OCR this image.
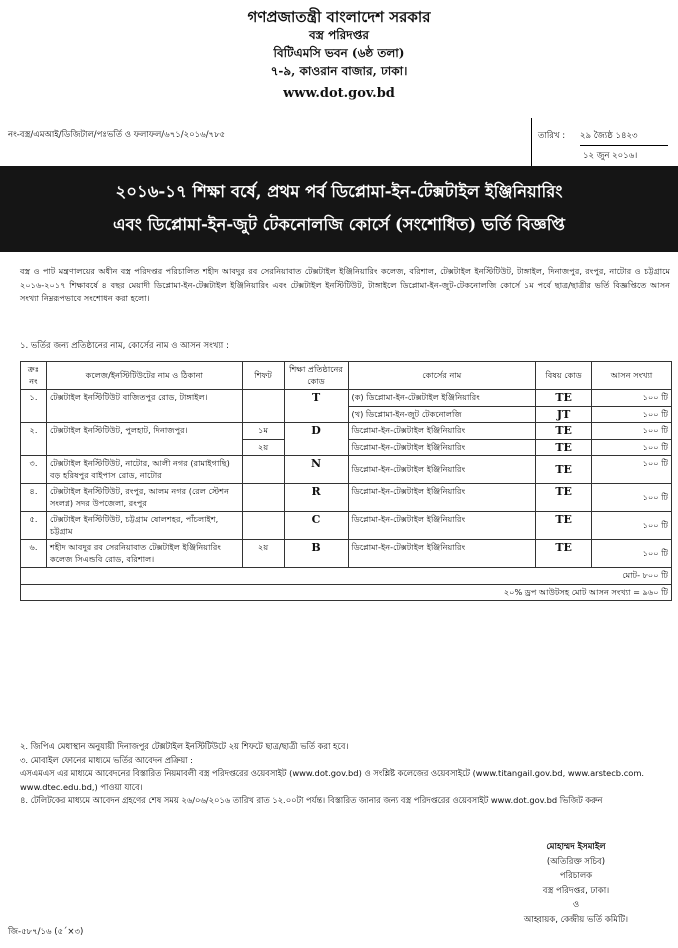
গণপ্রজাতন্ত্রী বাংলাদেশ সরকার
বস্ত্র পরিদপ্তর
বিটিএমসি ভবন (৬ষ্ঠ তলা)
৭-৯, কাওরান বাজার, ঢাকা।
www.dot.gov.bd
নং-বস্ত্র/এমআই/ডিজিটাল/পঃভর্তি ও ফলাফল/৬৭১/২০১৬/৭৮৫	তারিখ : ২৯ জ্যৈষ্ঠ ১৪২৩
১২ জুন ২০১৬।
২০১৬-১৭ শিক্ষা বর্ষে, প্রথম পর্ব ডিপ্লোমা-ইন-টেক্সটাইল ইঞ্জিনিয়ারিং
এবং ডিপ্লোমা-ইন-জুট টেকনোলজি কোর্সে (সংশোধিত) ভর্তি বিজ্ঞপ্তি
বস্ত্র ও পাট মন্ত্রণালয়ের অধীন বস্ত্র পরিদপ্তর পরিচালিত শহীদ আবদুর রব সেরনিয়াবাত টেক্সটাইল ইঞ্জিনিয়ারিং কলেজ, বরিশাল, টেক্সটাইল ইনস্টিটিউট, টাঙ্গাইল, দিনাজপুর, রংপুর, নাটোর ও চট্টগ্রামে ২০১৬-২০১৭ শিক্ষাবর্ষে ৪ বছর মেয়াদী ডিপ্লোমা-ইন-টেক্সটাইল ইঞ্জিনিয়ারিং এবং টেক্সটাইল ইনস্টিটিউট, টাঙ্গাইলে ডিপ্লোমা-ইন-জুট-টেকনোলজি কোর্সে ১ম পর্বে ছাত্র/ছাত্রীর ভর্তি বিজ্ঞপ্তিতে আসন সংখ্যা নিম্নরূপভাবে সংশোধন করা হলো।
১. ভর্তির জন্য প্রতিষ্ঠানের নাম, কোর্সের নাম ও আসন সংখ্যা :
ক্রঃ নং	কলেজ/ইনস্টিটিউটের নাম ও ঠিকানা	শিফট	শিক্ষা প্রতিষ্ঠানের কোড	কোর্সের নাম	বিষয় কোড	আসন সংখ্যা
১.	টেক্সটাইল ইনস্টিটিউট বাজিতপুর রোড, টাঙ্গাইল।		T	(ক) ডিপ্লোমা-ইন-টেক্সটাইল ইঞ্জিনিয়ারিং	TE	১০০ টি
				(খ) ডিপ্লোমা-ইন-জুট টেকনোলজি	JT	১০০ টি
২.	টেক্সটাইল ইনস্টিটিউট, পুলহাট, দিনাজপুর।	১ম	D	ডিপ্লোমা-ইন-টেক্সটাইল ইঞ্জিনিয়ারিং	TE	১০০ টি
		২য়		ডিপ্লোমা-ইন-টেক্সটাইল ইঞ্জিনিয়ারিং	TE	১০০ টি
৩.	টেক্সটাইল ইনস্টিটিউট, নাটোর, আলী নগর (রামাইগাছি) বড় হরিষপুর বাইপাস রোড, নাটোর		N	ডিপ্লোমা-ইন-টেক্সটাইল ইঞ্জিনিয়ারিং	TE	১০০ টি
৪.	টেক্সটাইল ইনস্টিটিউট, রংপুর, আলম নগর (রেল স্টেশন সংলগ্ন) সদর উপজেলা, রংপুর		R	ডিপ্লোমা-ইন-টেক্সটাইল ইঞ্জিনিয়ারিং	TE	১০০ টি
৫.	টেক্সটাইল ইনস্টিটিউট, চট্টগ্রাম ষোলশহর, পাঁচলাইশ, চট্টগ্রাম		C	ডিপ্লোমা-ইন-টেক্সটাইল ইঞ্জিনিয়ারিং	TE	১০০ টি
৬.	শহীদ আবদুর রব সেরনিয়াবাত টেক্সটাইল ইঞ্জিনিয়ারিং কলেজ সিএন্ডবি রোড, বরিশাল।	২য়	B	ডিপ্লোমা-ইন-টেক্সটাইল ইঞ্জিনিয়ারিং	TE	১০০ টি
মোট- ৮০০ টি						
২০% ড্রপ আউটসহ মোট আসন সংখ্যা = ৯৬০ টি						

২. জিপিএ মেধাস্থান অনুযায়ী দিনাজপুর টেক্সটাইল ইনস্টিটিউটে ২য় শিফটে ছাত্র/ছাত্রী ভর্তি করা হবে।

৩. মোবাইল ফোনের মাধ্যমে ভর্তির আবেদন প্রক্রিয়া :

এসএমএস এর মাধ্যমে আবেদনের বিস্তারিত নিয়মাবলী বস্ত্র পরিদপ্তরের ওয়েবসাইট (www.dot.gov.bd) ও সংশ্লিষ্ট কলেজের ওয়েবসাইটে (www.titangail.gov.bd, www.arstecb.com. www.dtec.edu.bd,) পাওয়া যাবে।

৪. টেলিটকের মাধ্যমে আবেদন গ্রহণের শেষ সময় ২৬/০৬/২০১৬ তারিখ রাত ১২.০০টা পর্যন্ত। বিস্তারিত জানার জন্য বস্ত্র পরিদপ্তরের ওয়েবসাইট www.dot.gov.bd ভিজিট করুন

মোহাম্মদ ইসমাইল
(অতিরিক্ত সচিব)
পরিচালক
বস্ত্র পরিদপ্তর, ঢাকা।
ও
আহ্বায়ক, কেন্দ্রীয় ভর্তি কমিটি।
জি-৫৮৭/১৬ (৫´×৩)
